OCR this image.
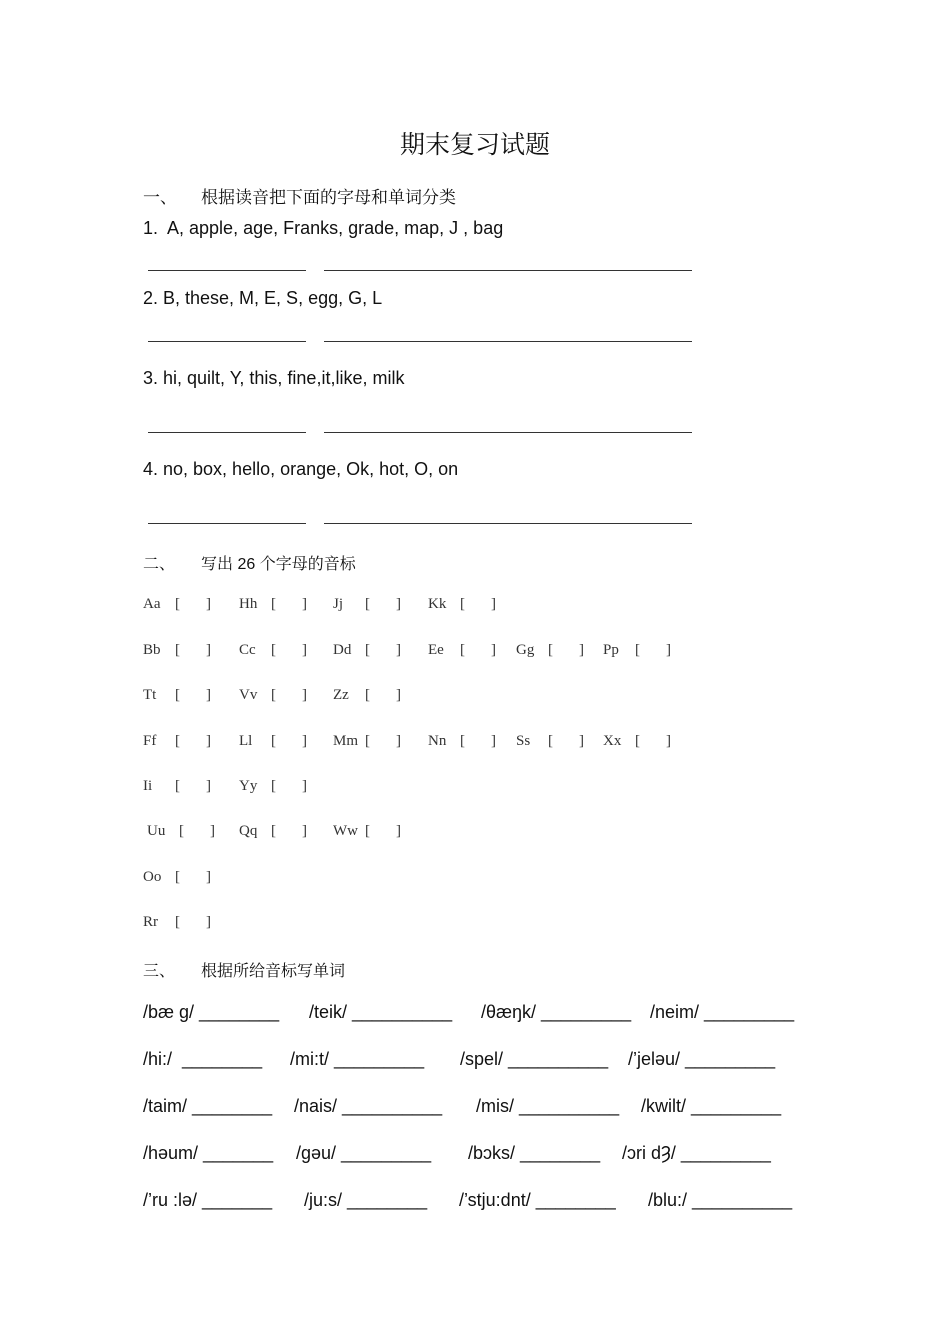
期末复习试题
一、 根据读音把下面的字母和单词分类
1.  A, apple, age, Franks, grade, map, J , bag
2. B, these, M, E, S, egg, G, L
3. hi, quilt, Y, this, fine,it,like, milk
4. no, box, hello, orange, Ok, hot, O, on
二、 写出 26 个字母的音标
Aa [ ] Hh [ ] Jj [ ] Kk [ ]
Bb [ ] Cc [ ] Dd [ ] Ee [ ] Gg [ ] Pp [ ]
Tt [ ] Vv [ ] Zz [ ]
Ff [ ] Ll [ ] Mm [ ] Nn [ ] Ss [ ] Xx [ ]
Ii [ ] Yy [ ]
Uu [ ] Qq [ ] Ww [ ]
Oo [ ]
Rr [ ]
三、 根据所给音标写单词
/bæ g/ ________ /teik/ __________ /θæŋk/ _________ /neim/ _________
/hi:/  ________ /mi:t/ _________ /spel/ __________ /’jeləu/ _________
/taim/ ________ /nais/ __________ /mis/ __________ /kwilt/ _________
/həum/ _______ /gəu/ _________ /bɔks/ ________ /ɔri dȜ/ _________
/’ru :lə/ _______ /ju:s/ ________ /’stju:dnt/ ________ /blu:/ __________
